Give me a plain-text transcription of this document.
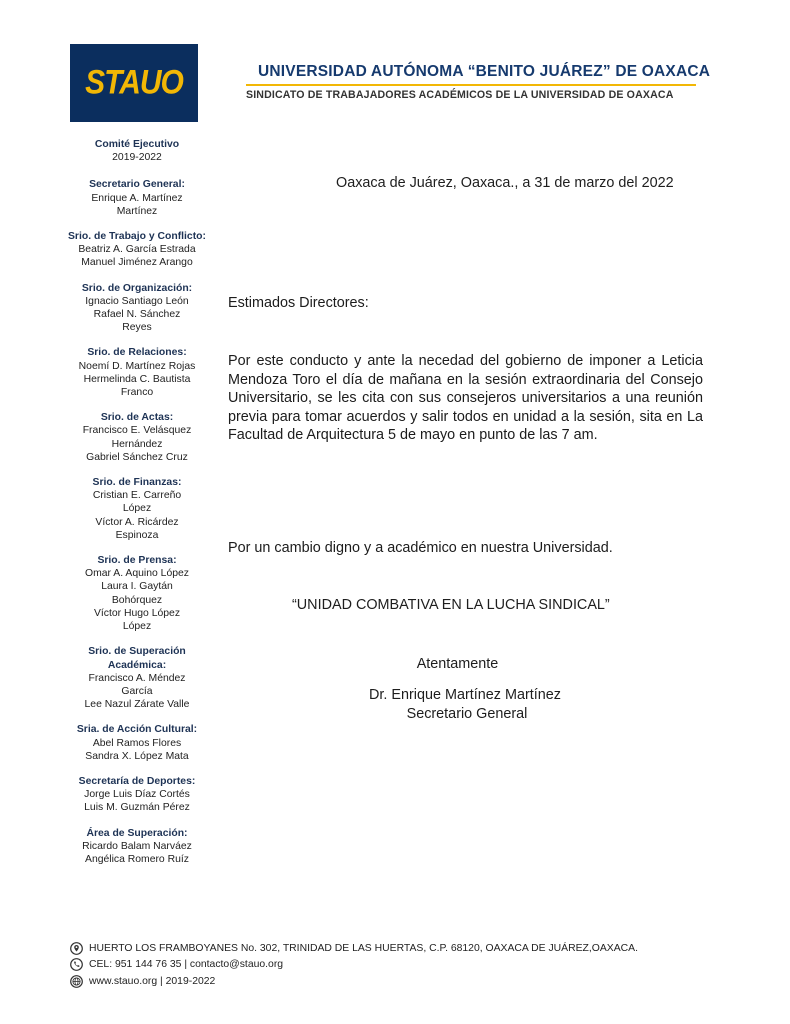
STAUO	UNIVERSIDAD AUTÓNOMA “BENITO JUÁREZ” DE OAXACA
SINDICATO DE TRABAJADORES ACADÉMICOS DE LA UNIVERSIDAD DE OAXACA
Comité Ejecutivo
2019-2022
Secretario General:
Enrique A. Martínez
Martínez
Srio. de Trabajo y Conflicto:
Beatriz A. García Estrada
Manuel Jiménez Arango
Srio. de Organización:
Ignacio Santiago León
Rafael N. Sánchez
Reyes
Srio. de Relaciones:
Noemí D. Martínez Rojas
Hermelinda C. Bautista
Franco
Srio. de Actas:
Francisco E. Velásquez
Hernández
Gabriel Sánchez Cruz
Srio. de Finanzas:
Cristian E. Carreño
López
Víctor A. Ricárdez
Espinoza
Srio. de Prensa:
Omar A. Aquino López
Laura I. Gaytán
Bohórquez
Víctor Hugo López
López
Srio. de Superación Académica:
Francisco A. Méndez
García
Lee Nazul Zárate Valle
Sria. de Acción Cultural:
Abel Ramos Flores
Sandra X. López Mata
Secretaría de Deportes:
Jorge Luis Díaz Cortés
Luis M. Guzmán Pérez
Área de Superación:
Ricardo Balam Narváez
Angélica Romero Ruíz
Oaxaca de Juárez, Oaxaca., a 31 de marzo del 2022
Estimados Directores:
Por este conducto y ante la necedad del gobierno de imponer a Leticia Mendoza Toro el día de mañana en la sesión extraordinaria del Consejo Universitario, se les cita con sus consejeros universitarios a una reunión previa para tomar acuerdos y salir todos en unidad a la sesión, sita en La Facultad de Arquitectura 5 de mayo en punto de las 7 am.
Por un cambio digno y a académico en nuestra Universidad.
“UNIDAD COMBATIVA EN LA LUCHA SINDICAL”
Atentamente
Dr. Enrique Martínez Martínez
Secretario General
HUERTO LOS FRAMBOYANES No. 302, TRINIDAD DE LAS HUERTAS, C.P. 68120, OAXACA DE JUÁREZ,OAXACA.
CEL: 951 144 76 35 | contacto@stauo.org
www.stauo.org | 2019-2022
